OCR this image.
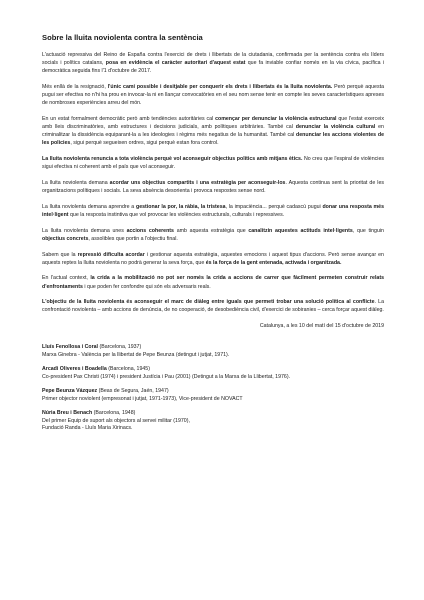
Sobre la lluita noviolenta contra la sentència

L'actuació repressiva del Reino de España contra l'exercici de drets i llibertats de la ciutadania, confirmada per la sentència contra els líders socials i polítics catalans, posa en evidència el caràcter autoritari d'aquest estat que fa inviable confiar només en la via cívica, pacífica i democràtica seguida fins l'1 d'octubre de 2017.

Més enllà de la resignació, l'únic camí possible i desitjable per conquerir els drets i llibertats és la lluita noviolenta. Però perquè aquesta pugui ser efectiva no n'hi ha prou en invocar-la ni en llançar convocatòries en el seu nom sense tenir en compte les seves característiques apreses de nombroses experiències arreu del món.

En un estat formalment democràtic però amb tendències autoritàries cal començar per denunciar la violència estructural que l'estat exerceix amb lleis discriminatòries, amb estructures i decisions judicials, amb polítiques arbitràries. També cal denunciar la violència cultural en criminalitzar la dissidència equiparant-la a les ideologies i règims més negatius de la humanitat. També cal denunciar les accions violentes de les policies, sigui perquè segueixen ordres, sigui perquè estan fora control.

La lluita noviolenta renuncia a tota violència perquè vol aconseguir objectius polítics amb mitjans ètics. No creu que l'espiral de violències sigui efectiva ni coherent amb el país que vol aconseguir.

La lluita noviolenta demana acordar uns objectius compartits i una estratègia per aconseguir-los. Aquesta continua sent la prioritat de les organitzacions polítiques i socials. La seva absència desorienta i provoca respostes sense nord.

La lluita noviolenta demana aprendre a gestionar la por, la ràbia, la tristesa, la impaciència... perquè cadascú pugui donar una resposta més intel·ligent que la resposta instintiva que vol provocar les violències estructurals, culturals i repressives.

La lluita noviolenta demana unes accions coherents amb aquesta estratègia que canalitzin aquestes actituds intel·ligents, que tinguin objectius concrets, assolibles que portin a l'objectiu final.

Sabem que la repressió dificulta acordar i gestionar aquesta estratègia, aquestes emocions i aquest tipus d'accions. Però sense avançar en aquests reptes la lluita noviolenta no podrà generar la seva força, que és la força de la gent entenada, activada i organitzada.

En l'actual context, la crida a la mobilització no pot ser només la crida a accions de carrer que fàcilment permeten construir relats d'enfrontaments i que poden fer confondre qui són els adversaris reals.

L'objectiu de la lluita noviolenta és aconseguir el marc de diàleg entre iguals que permeti trobar una solució política al conflicte. La confrontació noviolenta – amb accions de denúncia, de no cooperació, de desobediència civil, d'exercici de sobiranies – cerca forçar aquest diàleg.

Catalunya, a les 10 del matí del 15 d'octubre de 2019
Lluís Fenollosa i Coral (Barcelona, 1937)
Marxa Ginebra - València per la llibertat de Pepe Beunza (detingut i jutjat, 1971).
Arcadi Oliveres i Boadella (Barcelona, 1945)
Co-president Pax Christi (1974) i president Justícia i Pau (2001) (Detingut a la Marxa de la Llibertat, 1976).
Pepe Beunza Vázquez (Beas de Segura, Jaén, 1947)
Primer objector noviolent (empresonat i jutjat, 1971-1973), Vice-president de NOVACT
Núria Breu i Benach (Barcelona, 1948)
Del primer Equip de suport als objectors al servei militar (1970),
Fundació Randa - Lluís Maria Xirinacs.
